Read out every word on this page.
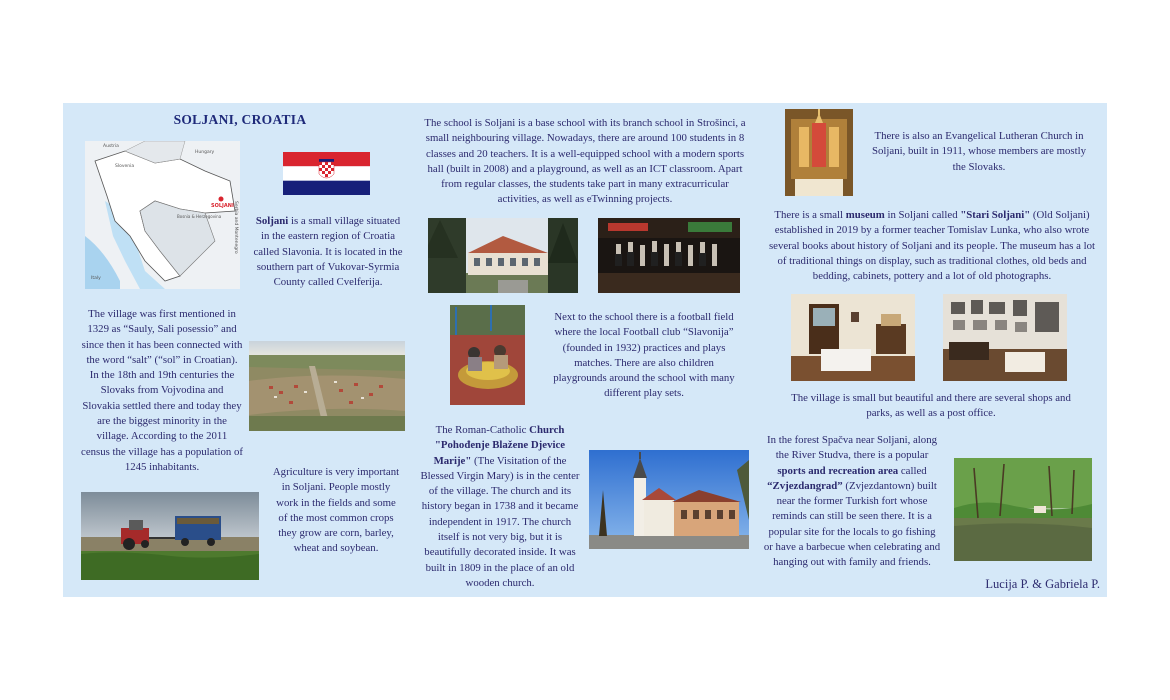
SOLJANI, CROATIA
Austria
Hungary
Slovenia
Bosnia & Herzegovina
Italy
SOLJANI Serbia and Montenegro Soljani is a small village situated in the eastern region of Croatia called Slavonia. It is located in the southern part of Vukovar-Syrmia County called Cvelferija.

The village was first mentioned in 1329 as “Sauly, Sali posessio” and since then it has been connected with the word “salt” (“sol” in Croatian). In the 18th and 19th centuries the Slovaks from Vojvodina and Slovakia settled there and today they are the biggest minority in the village. According to the 2011 census the village has a population of 1245 inhabitants.	Agriculture is very important in Soljani. People mostly work in the fields and some of the most common crops they grow are corn, barley, wheat and soybean.

The school is Soljani is a base school with its branch school in Strošinci, a small neighbouring village. Nowadays, there are around 100 students in 8 classes and 20 teachers. It is a well-equipped school with a modern sports hall (built in 2008) and a playground, as well as an ICT classroom. Apart from regular classes, the students take part in many extracurricular activities, as well as eTwinning projects.

Next to the school there is a football field where the local Football club “Slavonija” (founded in 1932) practices and plays matches. There are also children playgrounds around the school with many different play sets.

The Roman-Catholic Church "Pohođenje Blažene Djevice Marije" (The Visitation of the Blessed Virgin Mary) is in the center of the village. The church and its history began in 1738 and it became independent in 1917. The church itself is not very big, but it is beautifully decorated inside. It was built in 1809 in the place of an old wooden church.

There is also an Evangelical Lutheran Church in Soljani, built in 1911, whose members are mostly the Slovaks.

There is a small museum in Soljani called "Stari Soljani" (Old Soljani) established in 2019 by a former teacher Tomislav Lunka, who also wrote several books about history of Soljani and its people. The museum has a lot of traditional things on display, such as traditional clothes, old beds and bedding, cabinets, pottery and a lot of old photographs.

The village is small but beautiful and there are several shops and parks, as well as a post office.

In the forest Spačva near Soljani, along the River Studva, there is a popular sports and recreation area called “Zvjezdangrad” (Zvjezdantown) built near the former Turkish fort whose reminds can still be seen there. It is a popular site for the locals to go fishing or have a barbecue when celebrating and hanging out with family and friends.

Lucija P. & Gabriela P.
